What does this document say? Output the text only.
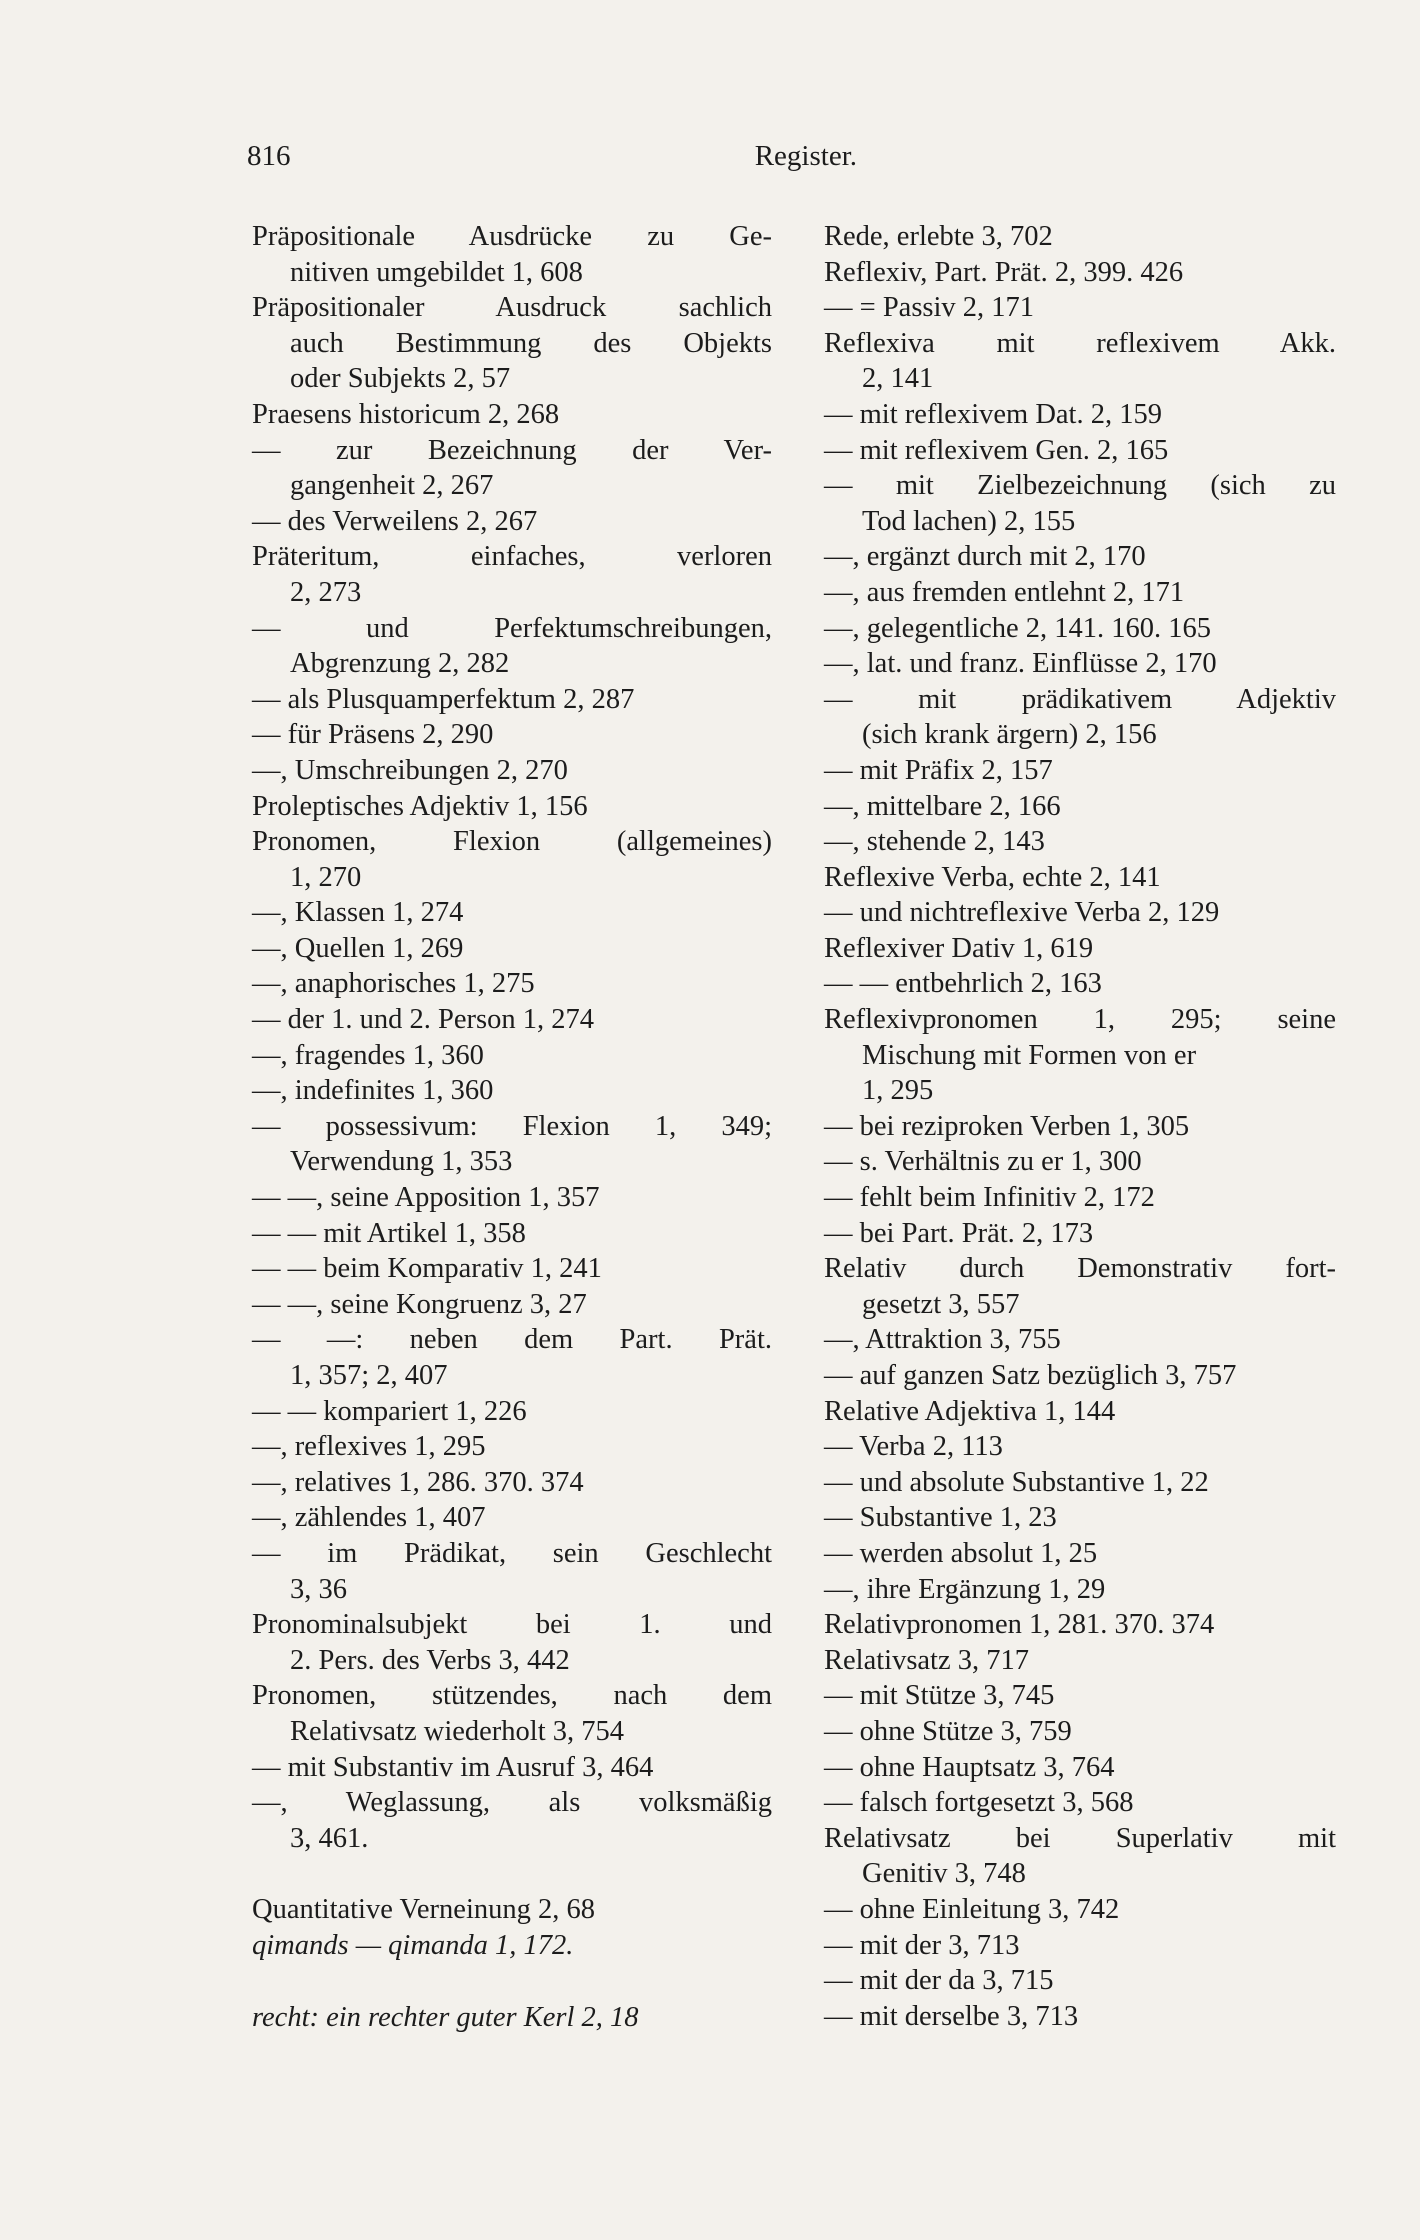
816	Register.
Präpositionale Ausdrücke zu Ge-
nitiven umgebildet 1, 608
Präpositionaler Ausdruck sachlich
auch Bestimmung des Objekts
oder Subjekts 2, 57
Praesens historicum 2, 268
— zur Bezeichnung der Ver-
gangenheit 2, 267
— des Verweilens 2, 267
Präteritum, einfaches, verloren
2, 273
— und Perfektumschreibungen,
Abgrenzung 2, 282
— als Plusquamperfektum 2, 287
— für Präsens 2, 290
—, Umschreibungen 2, 270
Proleptisches Adjektiv 1, 156
Pronomen, Flexion (allgemeines)
1, 270
—, Klassen 1, 274
—, Quellen 1, 269
—, anaphorisches 1, 275
— der 1. und 2. Person 1, 274
—, fragendes 1, 360
—, indefinites 1, 360
— possessivum: Flexion 1, 349;
Verwendung 1, 353
— —, seine Apposition 1, 357
— — mit Artikel 1, 358
— — beim Komparativ 1, 241
— —, seine Kongruenz 3, 27
— —: neben dem Part. Prät.
1, 357; 2, 407
— — kompariert 1, 226
—, reflexives 1, 295
—, relatives 1, 286. 370. 374
—, zählendes 1, 407
— im Prädikat, sein Geschlecht
3, 36
Pronominalsubjekt bei 1. und
2. Pers. des Verbs 3, 442
Pronomen, stützendes, nach dem
Relativsatz wiederholt 3, 754
— mit Substantiv im Ausruf 3, 464
—, Weglassung, als volksmäßig
3, 461.
Quantitative Verneinung 2, 68
qimands — qimanda 1, 172.
recht: ein rechter guter Kerl 2, 18
Rede, erlebte 3, 702
Reflexiv, Part. Prät. 2, 399. 426
— = Passiv 2, 171
Reflexiva mit reflexivem Akk.
2, 141
— mit reflexivem Dat. 2, 159
— mit reflexivem Gen. 2, 165
— mit Zielbezeichnung (sich zu
Tod lachen) 2, 155
—, ergänzt durch mit 2, 170
—, aus fremden entlehnt 2, 171
—, gelegentliche 2, 141. 160. 165
—, lat. und franz. Einflüsse 2, 170
— mit prädikativem Adjektiv
(sich krank ärgern) 2, 156
— mit Präfix 2, 157
—, mittelbare 2, 166
—, stehende 2, 143
Reflexive Verba, echte 2, 141
— und nichtreflexive Verba 2, 129
Reflexiver Dativ 1, 619
— — entbehrlich 2, 163
Reflexivpronomen 1, 295; seine
Mischung mit Formen von er
1, 295
— bei reziproken Verben 1, 305
— s. Verhältnis zu er 1, 300
— fehlt beim Infinitiv 2, 172
— bei Part. Prät. 2, 173
Relativ durch Demonstrativ fort-
gesetzt 3, 557
—, Attraktion 3, 755
— auf ganzen Satz bezüglich 3, 757
Relative Adjektiva 1, 144
— Verba 2, 113
— und absolute Substantive 1, 22
— Substantive 1, 23
— werden absolut 1, 25
—, ihre Ergänzung 1, 29
Relativpronomen 1, 281. 370. 374
Relativsatz 3, 717
— mit Stütze 3, 745
— ohne Stütze 3, 759
— ohne Hauptsatz 3, 764
— falsch fortgesetzt 3, 568
Relativsatz bei Superlativ mit
Genitiv 3, 748
— ohne Einleitung 3, 742
— mit der 3, 713
— mit der da 3, 715
— mit derselbe 3, 713
